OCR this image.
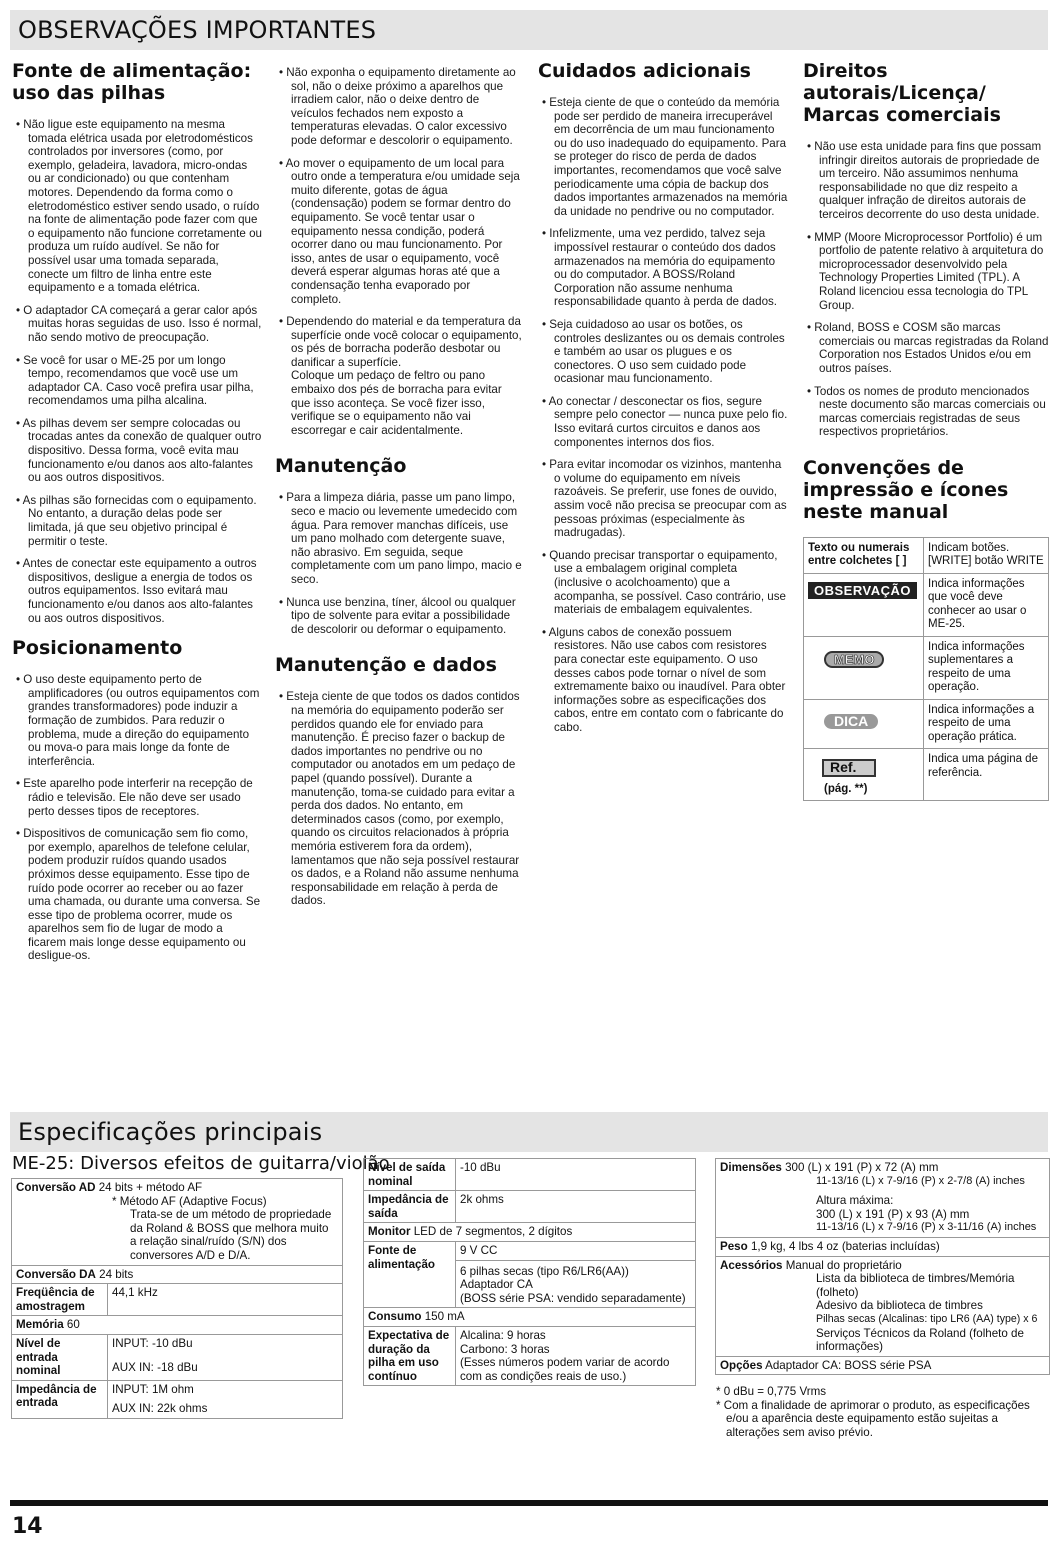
OBSERVAÇÕES IMPORTANTES
Fonte de alimentação: uso das pilhas
• Não ligue este equipamento na mesma tomada elétrica usada por eletrodomésticos controlados por inversores (como, por exemplo, geladeira, lavadora, micro-ondas ou ar condicionado) ou que contenham motores. Dependendo da forma como o eletrodoméstico estiver sendo usado, o ruído na fonte de alimentação pode fazer com que o equipamento não funcione corretamente ou produza um ruído audível. Se não for possível usar uma tomada separada, conecte um filtro de linha entre este equipamento e a tomada elétrica.
• O adaptador CA começará a gerar calor após muitas horas seguidas de uso. Isso é normal, não sendo motivo de preocupação.
• Se você for usar o ME-25 por um longo tempo, recomendamos que você use um adaptador CA. Caso você prefira usar pilha, recomendamos uma pilha alcalina.
• As pilhas devem ser sempre colocadas ou trocadas antes da conexão de qualquer outro dispositivo. Dessa forma, você evita mau funcionamento e/ou danos aos alto-falantes ou aos outros dispositivos.
• As pilhas são fornecidas com o equipamento. No entanto, a duração delas pode ser limitada, já que seu objetivo principal é permitir o teste.
• Antes de conectar este equipamento a outros dispositivos, desligue a energia de todos os outros equipamentos. Isso evitará mau funcionamento e/ou danos aos alto-falantes ou aos outros dispositivos.
Posicionamento
• O uso deste equipamento perto de amplificadores (ou outros equipamentos com grandes transformadores) pode induzir a formação de zumbidos. Para reduzir o problema, mude a direção do equipamento ou mova-o para mais longe da fonte de interferência.
• Este aparelho pode interferir na recepção de rádio e televisão. Ele não deve ser usado perto desses tipos de receptores.
• Dispositivos de comunicação sem fio como, por exemplo, aparelhos de telefone celular, podem produzir ruídos quando usados próximos desse equipamento. Esse tipo de ruído pode ocorrer ao receber ou ao fazer uma chamada, ou durante uma conversa. Se esse tipo de problema ocorrer, mude os aparelhos sem fio de lugar de modo a ficarem mais longe desse equipamento ou desligue-os.
• Não exponha o equipamento diretamente ao sol, não o deixe próximo a aparelhos que irradiem calor, não o deixe dentro de veículos fechados nem exposto a temperaturas elevadas. O calor excessivo pode deformar e descolorir o equipamento.
• Ao mover o equipamento de um local para outro onde a temperatura e/ou umidade seja muito diferente, gotas de água (condensação) podem se formar dentro do equipamento. Se você tentar usar o equipamento nessa condição, poderá ocorrer dano ou mau funcionamento. Por isso, antes de usar o equipamento, você deverá esperar algumas horas até que a condensação tenha evaporado por completo.
• Dependendo do material e da temperatura da superfície onde você colocar o equipamento, os pés de borracha poderão desbotar ou danificar a superfície.
Coloque um pedaço de feltro ou pano embaixo dos pés de borracha para evitar que isso aconteça. Se você fizer isso, verifique se o equipamento não vai escorregar e cair acidentalmente.
Manutenção
• Para a limpeza diária, passe um pano limpo, seco e macio ou levemente umedecido com água. Para remover manchas difíceis, use um pano molhado com detergente suave, não abrasivo. Em seguida, seque completamente com um pano limpo, macio e seco.
• Nunca use benzina, tíner, álcool ou qualquer tipo de solvente para evitar a possibilidade de descolorir ou deformar o equipamento.
Manutenção e dados
• Esteja ciente de que todos os dados contidos na memória do equipamento poderão ser perdidos quando ele for enviado para manutenção. É preciso fazer o backup de dados importantes no pendrive ou no computador ou anotados em um pedaço de papel (quando possível). Durante a manutenção, toma-se cuidado para evitar a perda dos dados. No entanto, em determinados casos (como, por exemplo, quando os circuitos relacionados à própria memória estiverem fora da ordem), lamentamos que não seja possível restaurar os dados, e a Roland não assume nenhuma responsabilidade em relação à perda de dados.
Cuidados adicionais
• Esteja ciente de que o conteúdo da memória pode ser perdido de maneira irrecuperável em decorrência de um mau funcionamento ou do uso inadequado do equipamento. Para se proteger do risco de perda de dados importantes, recomendamos que você salve periodicamente uma cópia de backup dos dados importantes armazenados na memória da unidade no pendrive ou no computador.
• Infelizmente, uma vez perdido, talvez seja impossível restaurar o conteúdo dos dados armazenados na memória do equipamento ou do computador. A BOSS/Roland Corporation não assume nenhuma responsabilidade quanto à perda de dados.
• Seja cuidadoso ao usar os botões, os controles deslizantes ou os demais controles e também ao usar os plugues e os conectores. O uso sem cuidado pode ocasionar mau funcionamento.
• Ao conectar / desconectar os fios, segure sempre pelo conector — nunca puxe pelo fio. Isso evitará curtos circuitos e danos aos componentes internos dos fios.
• Para evitar incomodar os vizinhos, mantenha o volume do equipamento em níveis razoáveis. Se preferir, use fones de ouvido, assim você não precisa se preocupar com as pessoas próximas (especialmente às madrugadas).
• Quando precisar transportar o equipamento, use a embalagem original completa (inclusive o acolchoamento) que a acompanha, se possível. Caso contrário, use materiais de embalagem equivalentes.
• Alguns cabos de conexão possuem resistores. Não use cabos com resistores para conectar este equipamento. O uso desses cabos pode tornar o nível de som extremamente baixo ou inaudível. Para obter informações sobre as especificações dos cabos, entre em contato com o fabricante do cabo.
Direitos autorais/Licença/ Marcas comerciais
• Não use esta unidade para fins que possam infringir direitos autorais de propriedade de um terceiro. Não assumimos nenhuma responsabilidade no que diz respeito a qualquer infração de direitos autorais de terceiros decorrente do uso desta unidade.
• MMP (Moore Microprocessor Portfolio) é um portfolio de patente relativo à arquitetura do microprocessador desenvolvido pela Technology Properties Limited (TPL). A Roland licenciou essa tecnologia do TPL Group.
• Roland, BOSS e COSM são marcas comerciais ou marcas registradas da Roland Corporation nos Estados Unidos e/ou em outros países.
• Todos os nomes de produto mencionados neste documento são marcas comerciais ou marcas comerciais registradas de seus respectivos proprietários.
Convenções de impressão e ícones neste manual
Texto ou numerais entre colchetes [ ]	Indicam botões.
[WRITE] botão WRITE

OBSERVAÇÃO	Indica informações que você deve conhecer ao usar o ME-25.
MEMO	Indica informações suplementares a respeito de uma operação.
DICA	Indica informações a respeito de uma operação prática.
Ref.
(pág. **)	Indica uma página de referência.
Especificações principais
ME-25: Diversos efeitos de guitarra/violão
Conversão AD 24 bits + método AF
* Método AF (Adaptive Focus)
Trata-se de um método de propriedade da Roland & BOSS que melhora muito a relação sinal/ruído (S/N) dos conversores A/D e D/A.	

Conversão DA 24 bits	
Freqüência de amostragem	44,1 kHz
Memória 60	
Nível de entrada nominal	INPUT: -10 dBu
AUX IN: -18 dBu

Impedância de entrada	INPUT: 1M ohm
AUX IN: 22k ohms
Nível de saída nominal	-10 dBu
Impedância de saída	2k ohms
Monitor LED de 7 segmentos, 2 dígitos	
Fonte de alimentação	9 V CC
6 pilhas secas (tipo R6/LR6(AA))
Adaptador CA
(BOSS série PSA: vendido separadamente)

Consumo 150 mA	
Expectativa de duração da pilha em uso contínuo	Alcalina: 9 horas
Carbono: 3 horas
(Esses números podem variar de acordo com as condições reais de uso.)
Dimensões 300 (L) x 191 (P) x 72 (A) mm
11-13/16 (L) x 7-9/16 (P) x 2-7/8 (A) inches
Altura máxima:
300 (L) x 191 (P) x 93 (A) mm
11-13/16 (L) x 7-9/16 (P) x 3-11/16 (A) inches

Peso 1,9 kg, 4 lbs 4 oz (baterias incluídas)
Acessórios Manual do proprietário
Lista da biblioteca de timbres/Memória (folheto)
Adesivo da biblioteca de timbres
Pilhas secas (Alcalinas: tipo LR6 (AA) type) x 6
Serviços Técnicos da Roland (folheto de informações)

Opções Adaptador CA: BOSS série PSA
* 0 dBu = 0,775 Vrms
* Com a finalidade de aprimorar o produto, as especificações e/ou a aparência deste equipamento estão sujeitas a alterações sem aviso prévio.
14
